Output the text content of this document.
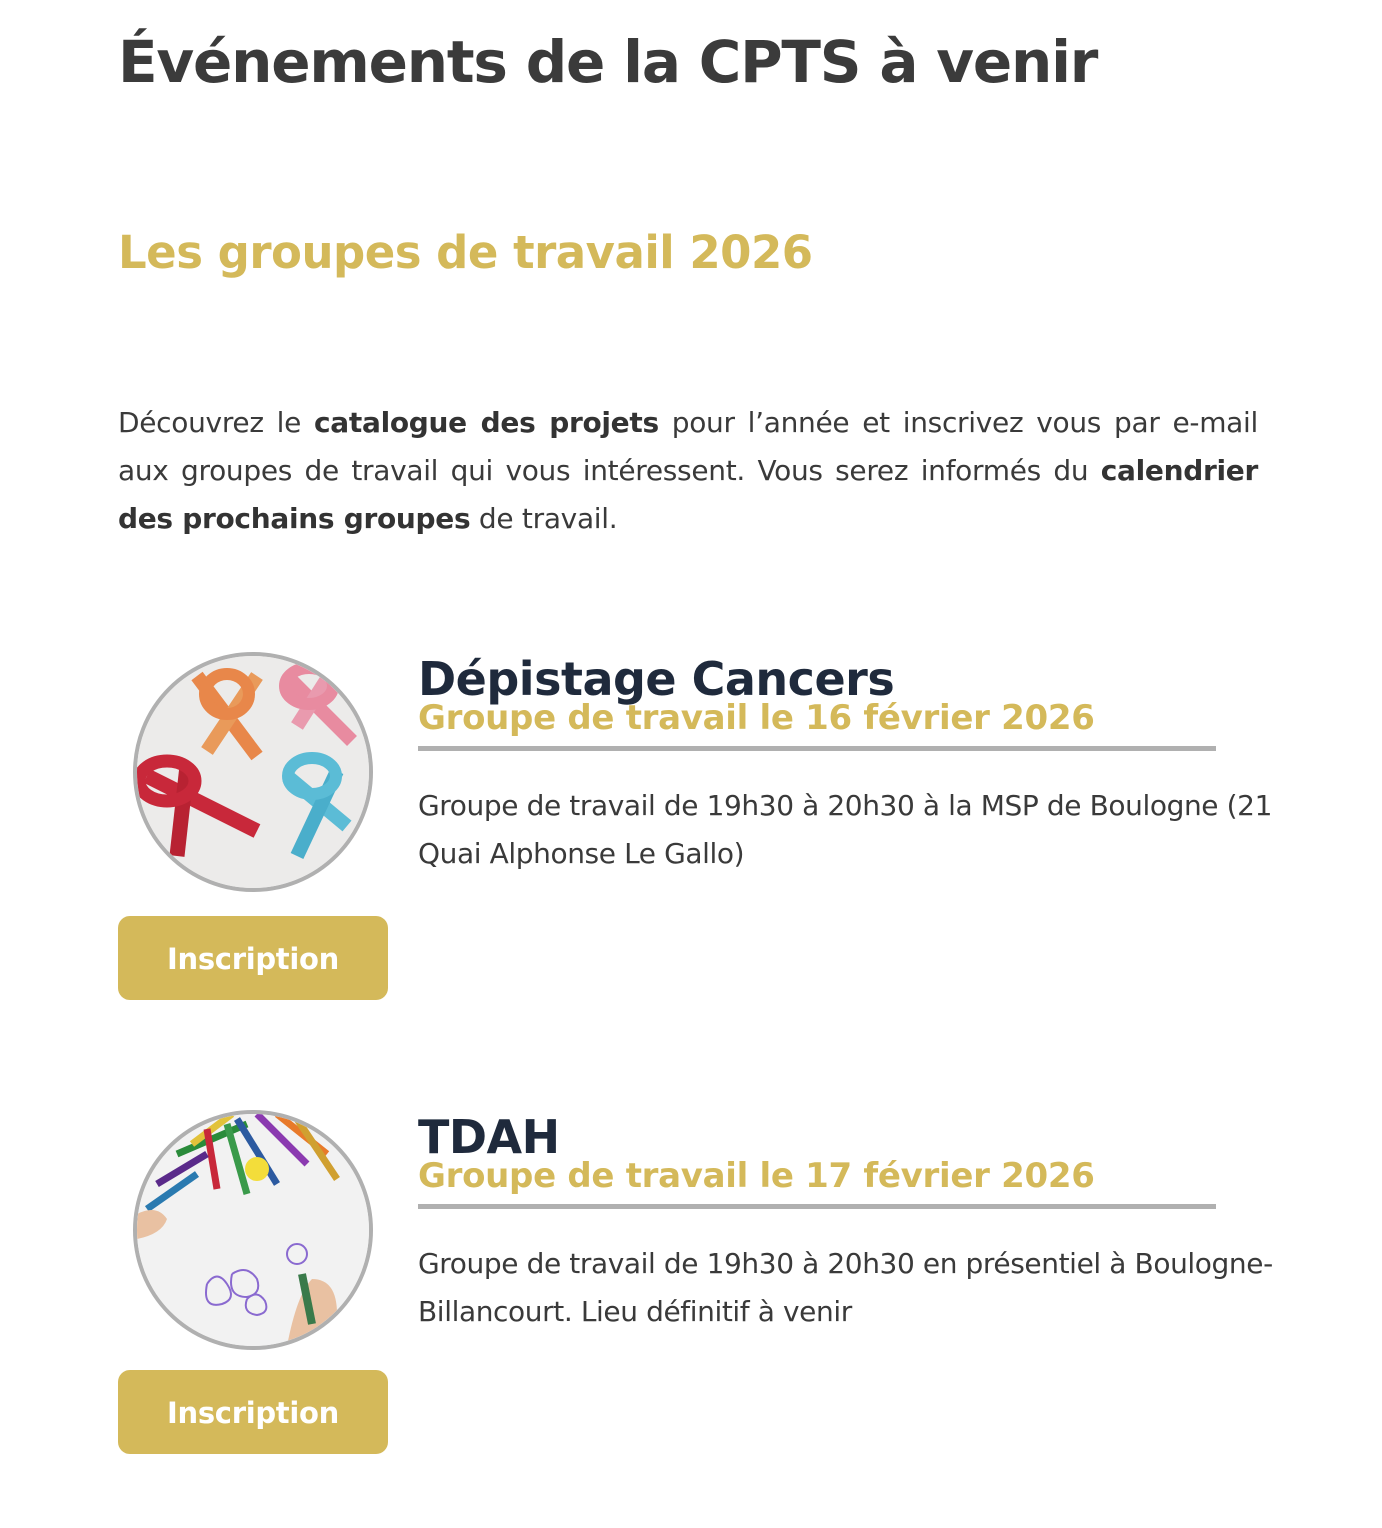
Événements de la CPTS à venir
Les groupes de travail 2026

Découvrez le catalogue des projets pour l’année et inscrivez vous par e-mail aux groupes de travail qui vous intéressent. Vous serez informés du calendrier des prochains groupes de travail.

Dépistage Cancers

Groupe de travail le 16 février 2026

Groupe de travail de 19h30 à 20h30 à la MSP de Boulogne (21 Quai Alphonse Le Gallo)

Inscription
TDAH

Groupe de travail le 17 février 2026

Groupe de travail de 19h30 à 20h30 en présentiel à Boulogne-Billancourt. Lieu définitif à venir

Inscription
